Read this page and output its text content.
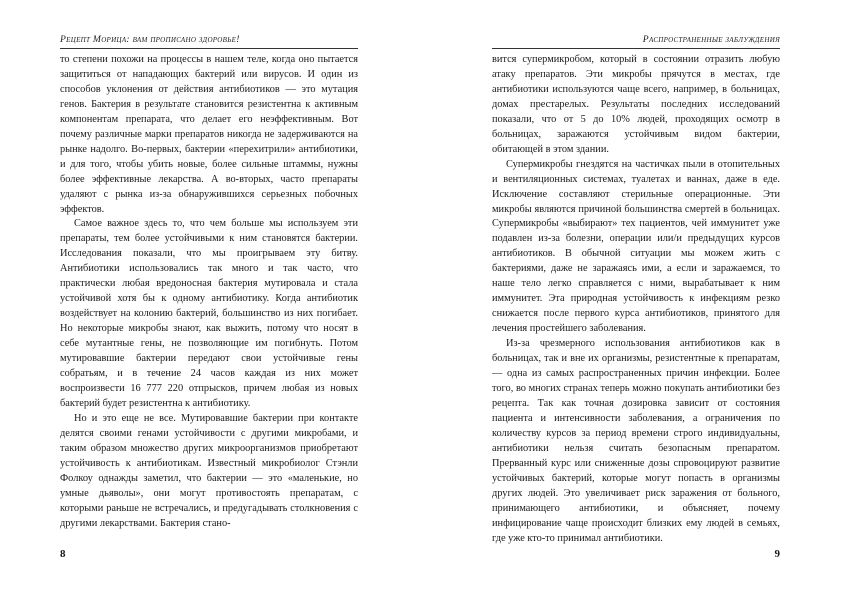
Рецепт Морица: вам прописано здоровье!

то степени похожи на процессы в нашем теле, когда оно пытается защититься от нападающих бактерий или вирусов. И один из способов уклонения от действия антибиотиков — это мутация генов. Бактерия в результате становится резистентна к активным компонентам препарата, что делает его неэффективным. Вот почему различные марки препаратов никогда не задерживаются на рынке надолго. Во-первых, бактерии «перехитрили» антибиотики, и для того, чтобы убить новые, более сильные штаммы, нужны более эффективные лекарства. А во-вторых, часто препараты удаляют с рынка из-за обнаружившихся серьезных побочных эффектов.

Самое важное здесь то, что чем больше мы используем эти препараты, тем более устойчивыми к ним становятся бактерии. Исследования показали, что мы проигрываем эту битву. Антибиотики использовались так много и так часто, что практически любая вредоносная бактерия мутировала и стала устойчивой хотя бы к одному антибиотику. Когда антибиотик воздействует на колонию бактерий, большинство из них погибает. Но некоторые микробы знают, как выжить, потому что носят в себе мутантные гены, не позволяющие им погибнуть. Потом мутировавшие бактерии передают свои устойчивые гены собратьям, и в течение 24 часов каждая из них может воспроизвести 16 777 220 отпрысков, причем любая из новых бактерий будет резистентна к антибиотику.

Но и это еще не все. Мутировавшие бактерии при контакте делятся своими генами устойчивости с другими микробами, и таким образом множество других микроорганизмов приобретают устойчивость к антибиотикам. Известный микробиолог Стэнли Фолкоу однажды заметил, что бактерии — это «маленькие, но умные дьяволы», они могут противостоять препаратам, с которыми раньше не встречались, и предугадывать столкновения с другими лекарствами. Бактерия стано-

8
Распространенные заблуждения

вится супермикробом, который в состоянии отразить любую атаку препаратов. Эти микробы прячутся в местах, где антибиотики используются чаще всего, например, в больницах, домах престарелых. Результаты последних исследований показали, что от 5 до 10% людей, проходящих осмотр в больницах, заражаются устойчивым видом бактерии, обитающей в этом здании.

Супермикробы гнездятся на частичках пыли в отопительных и вентиляционных системах, туалетах и ваннах, даже в еде. Исключение составляют стерильные операционные. Эти микробы являются причиной большинства смертей в больницах. Супермикробы «выбирают» тех пациентов, чей иммунитет уже подавлен из-за болезни, операции или/и предыдущих курсов антибиотиков. В обычной ситуации мы можем жить с бактериями, даже не заражаясь ими, а если и заражаемся, то наше тело легко справляется с ними, вырабатывает к ним иммунитет. Эта природная устойчивость к инфекциям резко снижается после первого курса антибиотиков, принятого для лечения простейшего заболевания.

Из-за чрезмерного использования антибиотиков как в больницах, так и вне их организмы, резистентные к препаратам, — одна из самых распространенных причин инфекции. Более того, во многих странах теперь можно покупать антибиотики без рецепта. Так как точная дозировка зависит от состояния пациента и интенсивности заболевания, а ограничения по количеству курсов за период времени строго индивидуальны, антибиотики нельзя считать безопасным препаратом. Прерванный курс или сниженные дозы спровоцируют развитие устойчивых бактерий, которые могут попасть в организмы других людей. Это увеличивает риск заражения от больного, принимающего антибиотики, и объясняет, почему инфицирование чаще происходит близких ему людей в семьях, где уже кто-то принимал антибиотики.

9
